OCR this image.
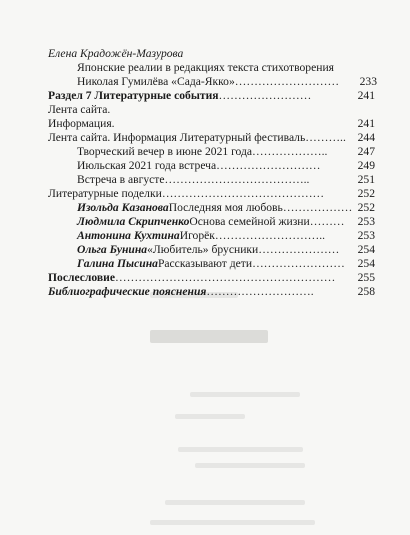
Елена Крадожён-Мазурова
Японские реалии в редакциях текста стихотворения
Николая Гумилёва «Сада-Якко»……………………… 233
Раздел 7 Литературные события……………………	241
Лента сайта.
Информация.	241
Лента сайта. Информация Литературный фестиваль……….. 244
Творческий вечер в июне 2021 года………………..	247
Июльская 2021 года встреча………………………	249
Встреча в августе………………………………..	251
Литературные поделки……………………………………	252
Изольда КазановаПоследняя моя любовь……………… 252
Людмила СкрипченкоОснова семейной жизни……… 253
Антонина КухтинаИгорёк………………………..	253
Ольга Бунина«Любитель» брусники………………… 254
Галина ПысинаРассказывают дети…………………… 254
Послесловие………………………………………………… 255
Библиографические пояснения……………………….	258
